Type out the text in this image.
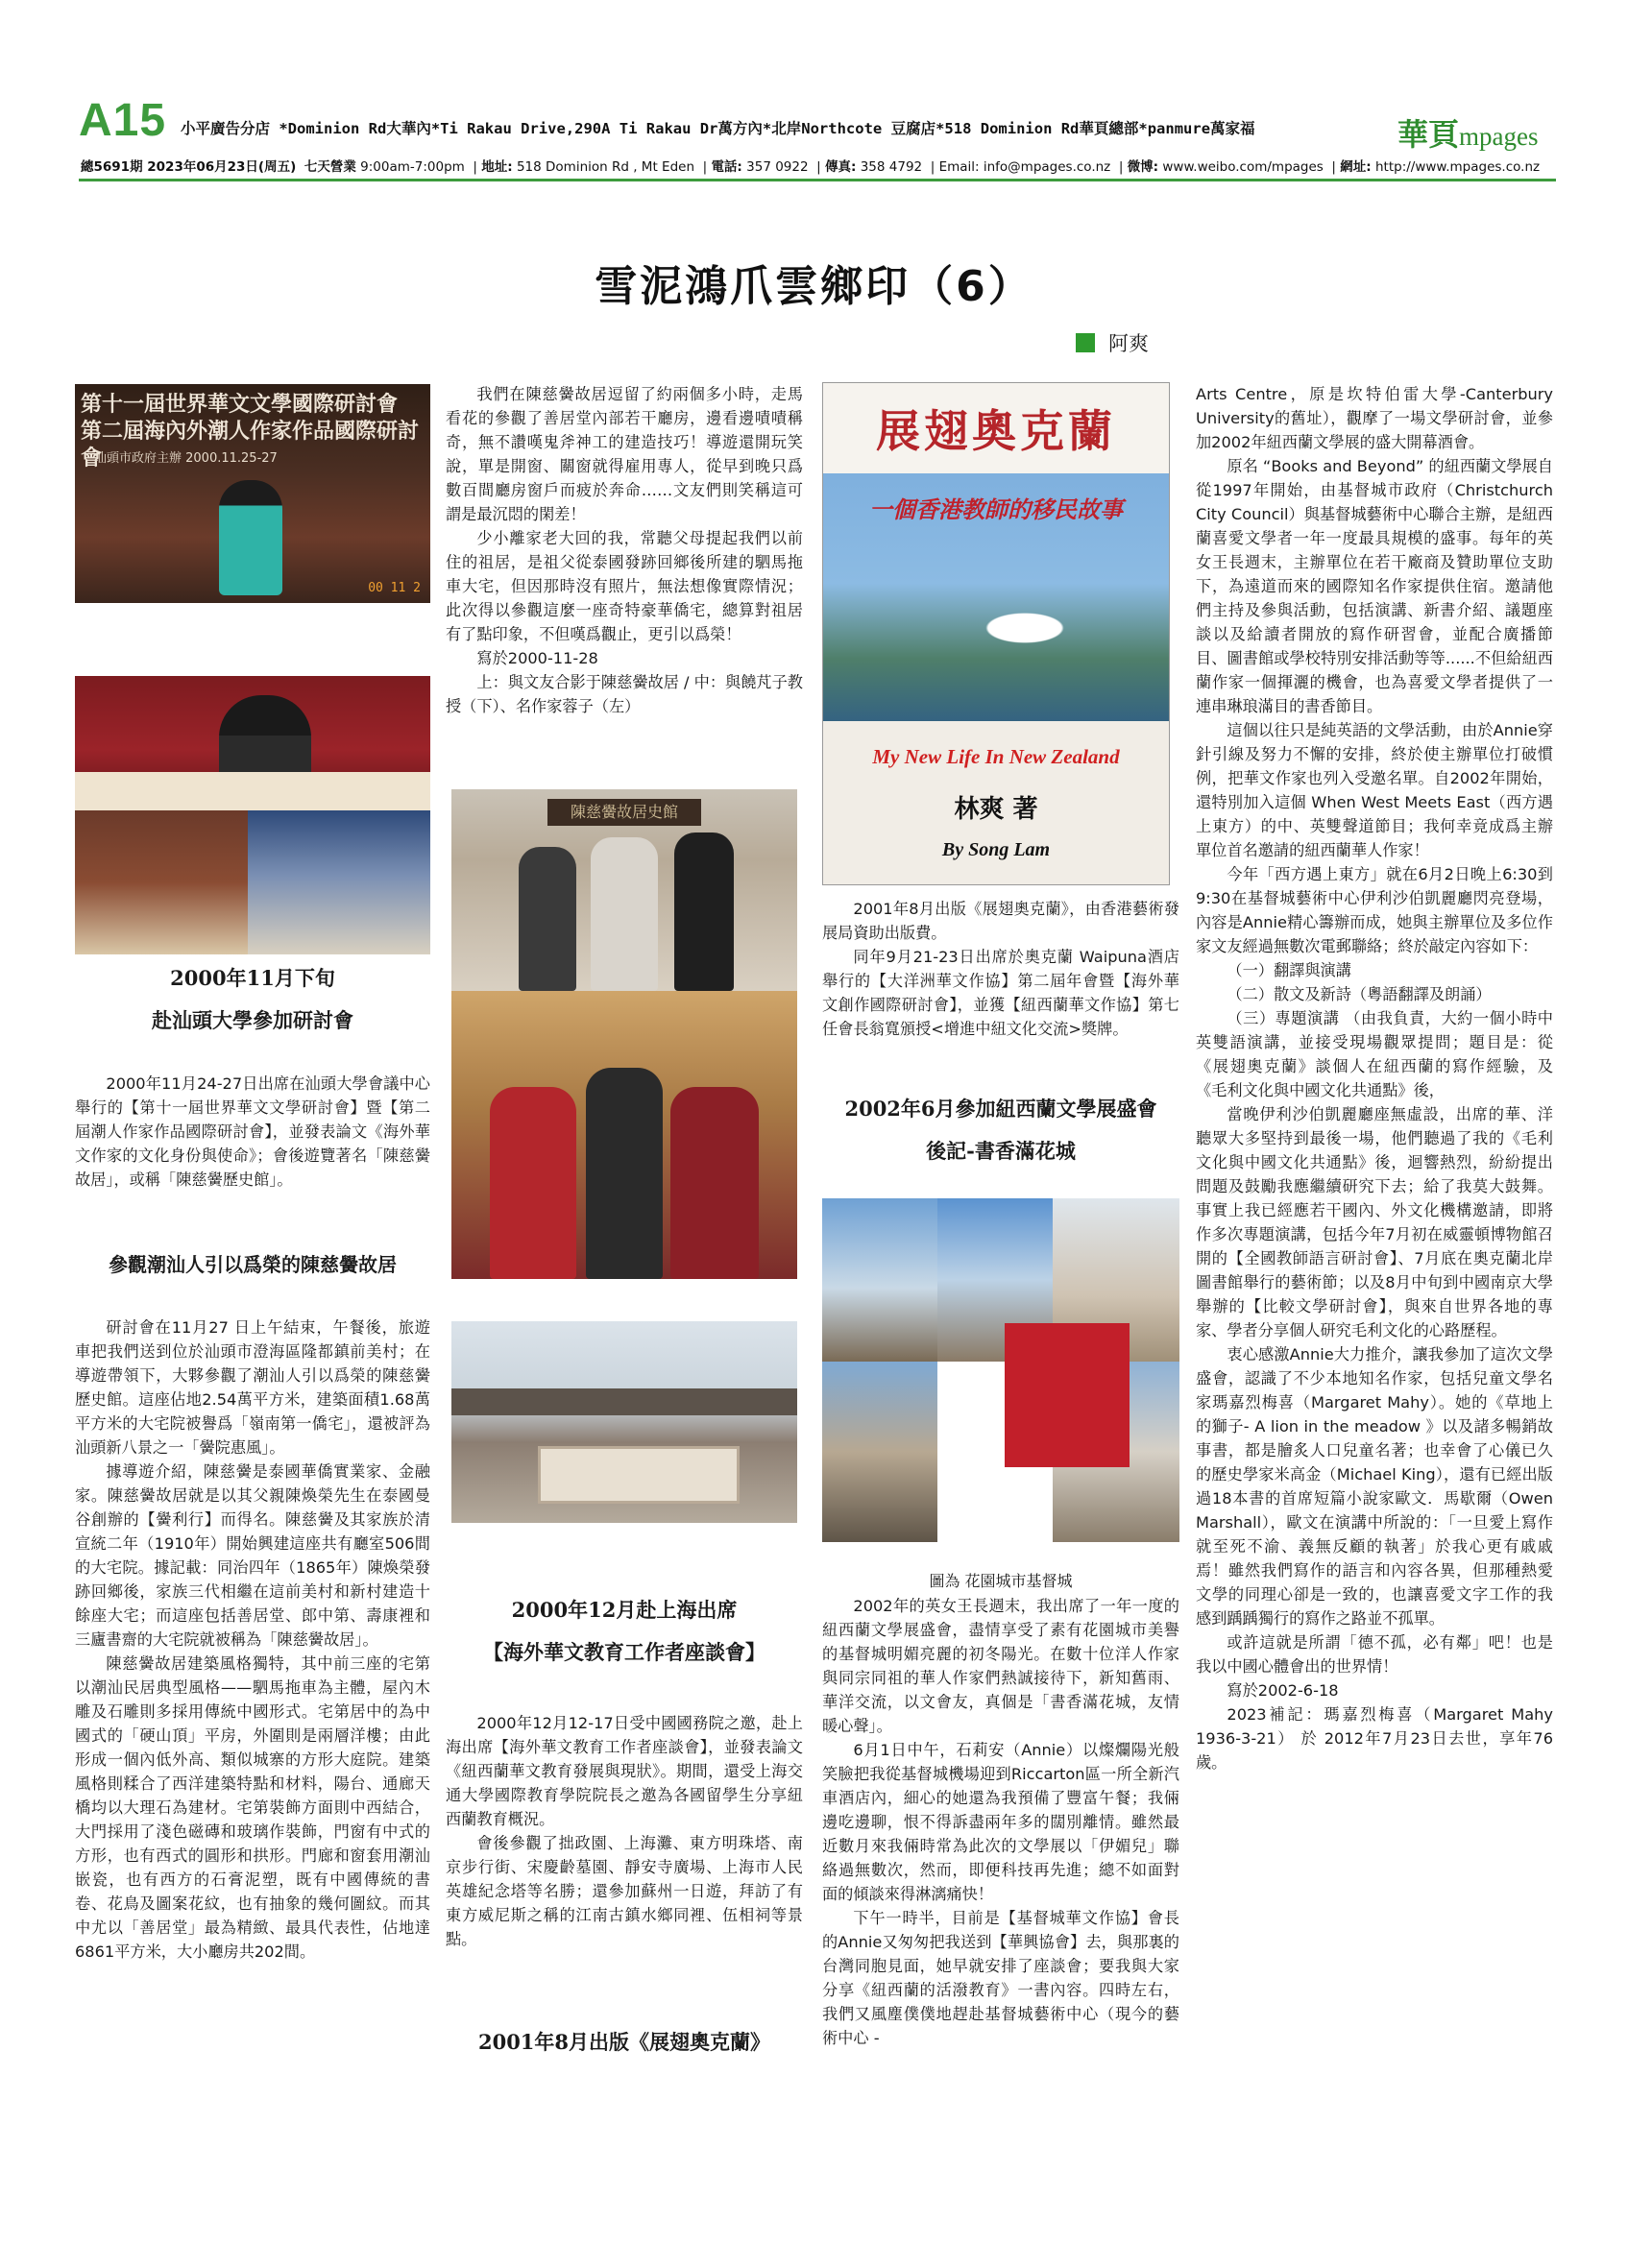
A15 小平廣告分店 *Dominion Rd大華內*Ti Rakau Drive,290A Ti Rakau Dr萬方內*北岸Northcote 豆腐店*518 Dominion Rd華頁總部*panmure萬家福	華頁mpages
總5691期 2023年06月23日(周五) 七天營業 9:00am-7:00pm  | 地址: 518 Dominion Rd , Mt Eden  | 電話: 357 0922  | 傳真: 358 4792  | Email: info@mpages.co.nz  | 微博: www.weibo.com/mpages  | 網址: http://www.mpages.co.nz
雪泥鴻爪雲鄉印（6）
阿爽
第十一屆世界華文文學國際研討會
第二屆海內外潮人作家作品國際研討會
汕頭市政府主辦 2000.11.25-27
00 11 2
2000年11月下旬
赴汕頭大學參加研討會

2000年11月24-27日出席在汕頭大學會議中心舉行的【第十一屆世界華文文學研討會】暨【第二屆潮人作家作品國際研討會】，並發表論文《海外華文作家的文化身份與使命》；會後遊覽著名「陳慈黌故居」，或稱「陳慈黌歷史館」。

參觀潮汕人引以爲榮的陳慈黌故居

研討會在11月27 日上午結束，午餐後，旅遊車把我們送到位於汕頭市澄海區隆都鎮前美村；在導遊帶領下，大夥參觀了潮汕人引以爲榮的陳慈黌歷史館。這座佔地2.54萬平方米，建築面積1.68萬平方米的大宅院被譽爲「嶺南第一僑宅」，還被評為汕頭新八景之一「黌院惠風」。

據導遊介紹，陳慈黌是泰國華僑實業家、金融家。陳慈黌故居就是以其父親陳煥榮先生在泰國曼谷創辦的【黌利行】而得名。陳慈黌及其家族於清宣統二年（1910年）開始興建這座共有廳室506間的大宅院。據記載：同治四年（1865年）陳煥榮發跡回鄉後，家族三代相繼在這前美村和新村建造十餘座大宅；而這座包括善居堂、郎中第、壽康裡和三廬書齋的大宅院就被稱為「陳慈黌故居」。

陳慈黌故居建築風格獨特，其中前三座的宅第以潮汕民居典型風格——駟馬拖車為主體，屋內木雕及石雕則多採用傳統中國形式。宅第居中的為中國式的「硬山頂」平房，外圍則是兩層洋樓；由此形成一個內低外高、類似城寨的方形大庭院。建築風格則糅合了西洋建築特點和材料，陽台、通廊天橋均以大理石為建材。宅第裝飾方面則中西結合，大門採用了淺色磁磚和玻璃作裝飾，門窗有中式的方形，也有西式的圓形和拱形。門廊和窗套用潮汕嵌瓷，也有西方的石膏泥塑，既有中國傳統的書卷、花鳥及圖案花紋，也有抽象的幾何圖紋。而其中尤以「善居堂」最為精緻、最具代表性，佔地達6861平方米，大小廳房共202間。

我們在陳慈黌故居逗留了約兩個多小時，走馬看花的參觀了善居堂內部若干廳房，邊看邊嘖嘖稱奇，無不讚嘆鬼斧神工的建造技巧！導遊還開玩笑說，單是開窗、關窗就得雇用專人，從早到晚只爲數百間廳房窗戶而疲於奔命……文友們則笑稱這可謂是最沉悶的閑差！

少小離家老大回的我，常聽父母提起我們以前住的祖居，是祖父從泰國發跡回鄉後所建的駟馬拖車大宅，但因那時沒有照片，無法想像實際情況；此次得以參觀這麼一座奇特豪華僑宅，總算對祖居有了點印象，不但嘆爲觀止，更引以爲榮！

寫於2000-11-28

上：與文友合影于陳慈黌故居 / 中：與饒芃子教授（下）、名作家蓉子（左）

陳慈黌故居史館
2000年12月赴上海出席
【海外華文教育工作者座談會】

2000年12月12-17日受中國國務院之邀，赴上海出席【海外華文教育工作者座談會】，並發表論文《紐西蘭華文教育發展與現狀》。期間，還受上海交通大學國際教育學院院長之邀為各國留學生分享紐西蘭教育概況。

會後參觀了拙政園、上海灘、東方明珠塔、南京步行街、宋慶齡墓園、靜安寺廣場、上海市人民英雄紀念塔等名勝；還參加蘇州一日遊，拜訪了有東方威尼斯之稱的江南古鎮水鄉同裡、伍相祠等景點。

2001年8月出版《展翅奧克蘭》
展翅奧克蘭
一個香港教師的移民故事
My New Life In New Zealand
林爽 著
By Song Lam

2001年8月出版《展翅奧克蘭》，由香港藝術發展局資助出版費。

同年9月21-23日出席於奧克蘭 Waipuna酒店舉行的【大洋洲華文作協】第二屆年會暨【海外華文創作國際研討會】，並獲【紐西蘭華文作協】第七任會長翁寬頒授<增進中紐文化交流>獎牌。

2002年6月參加紐西蘭文學展盛會
後記-書香滿花城
圖為 花園城市基督城

2002年的英女王長週末，我出席了一年一度的紐西蘭文學展盛會，盡情享受了素有花園城市美譽的基督城明媚亮麗的初冬陽光。在數十位洋人作家與同宗同祖的華人作家們熱誠接待下，新知舊雨、華洋交流，以文會友，真個是「書香滿花城，友情暖心聲」。

6月1日中午，石莉安（Annie）以燦爛陽光般笑臉把我從基督城機場迎到Riccarton區一所全新汽車酒店內，細心的她還為我預備了豐富午餐；我倆邊吃邊聊，恨不得訴盡兩年多的闊別離情。雖然最近數月來我倆時常為此次的文學展以「伊媚兒」聯絡過無數次，然而，即便科技再先進；總不如面對面的傾談來得淋漓痛快！

下午一時半，目前是【基督城華文作協】會長的Annie又匆匆把我送到【華興協會】去，與那裏的台灣同胞見面，她早就安排了座談會；要我與大家分享《紐西蘭的活潑教育》一書內容。四時左右，我們又風塵僕僕地趕赴基督城藝術中心（現今的藝術中心 -

Arts Centre，原是坎特伯雷大學-Canterbury University的舊址），觀摩了一場文學研討會，並參加2002年紐西蘭文學展的盛大開幕酒會。

原名 “Books and Beyond” 的紐西蘭文學展自從1997年開始，由基督城市政府（Christchurch City Council）與基督城藝術中心聯合主辦，是紐西蘭喜愛文學者一年一度最具規模的盛事。每年的英女王長週末，主辦單位在若干廠商及贊助單位支助下，為遠道而來的國際知名作家提供住宿。邀請他們主持及參與活動，包括演講、新書介紹、議題座談以及給讀者開放的寫作研習會，並配合廣播節目、圖書館或學校特別安排活動等等......不但給紐西蘭作家一個揮灑的機會，也為喜愛文學者提供了一連串琳琅滿目的書香節目。

這個以往只是純英語的文學活動，由於Annie穿針引線及努力不懈的安排，終於使主辦單位打破慣例，把華文作家也列入受邀名單。自2002年開始，還特別加入這個 When West Meets East（西方遇上東方）的中、英雙聲道節目；我何幸竟成爲主辦單位首名邀請的紐西蘭華人作家！

今年「西方遇上東方」就在6月2日晚上6:30到9:30在基督城藝術中心伊利沙伯凱麗廳閃亮登場，內容是Annie精心籌辦而成，她與主辦單位及多位作家文友經過無數次電郵聯絡；終於敲定內容如下：

（一）翻譯與演講

（二）散文及新詩（粵語翻譯及朗誦）

（三）專題演講 （由我負責，大約一個小時中英雙語演講，並接受現場觀眾提問；題目是：從《展翅奧克蘭》談個人在紐西蘭的寫作經驗，及《毛利文化與中國文化共通點》後，

當晚伊利沙伯凱麗廳座無虛設，出席的華、洋聽眾大多堅持到最後一場，他們聽過了我的《毛利文化與中國文化共通點》後，迴響熱烈，紛紛提出問題及鼓勵我應繼續研究下去；給了我莫大鼓舞。事實上我已經應若干國內、外文化機構邀請，即將作多次專題演講，包括今年7月初在威靈頓博物館召開的【全國教師語言研討會】、7月底在奧克蘭北岸圖書館舉行的藝術節；以及8月中旬到中國南京大學舉辦的【比較文學研討會】，與來自世界各地的專家、學者分享個人研究毛利文化的心路歷程。

衷心感激Annie大力推介，讓我參加了這次文學盛會，認識了不少本地知名作家，包括兒童文學名家瑪嘉烈梅喜（Margaret Mahy）。她的《草地上的獅子- A lion in the meadow 》以及諸多暢銷故事書，都是膾炙人口兒童名著；也幸會了心儀已久的歷史學家米高金（Michael King），還有已經出版過18本書的首席短篇小說家歐文．馬歇爾（Owen Marshall），歐文在演講中所說的：「一旦愛上寫作就至死不渝、義無反顧的執著」於我心更有戚戚焉！雖然我們寫作的語言和內容各異，但那種熱愛文學的同理心卻是一致的，也讓喜愛文字工作的我感到踽踽獨行的寫作之路並不孤單。

或許這就是所謂「德不孤，必有鄰」吧！也是我以中國心體會出的世界情！

寫於2002-6-18

2023補記：瑪嘉烈梅喜（Margaret Mahy 1936-3-21） 於 2012年7月23日去世，享年76歲。
